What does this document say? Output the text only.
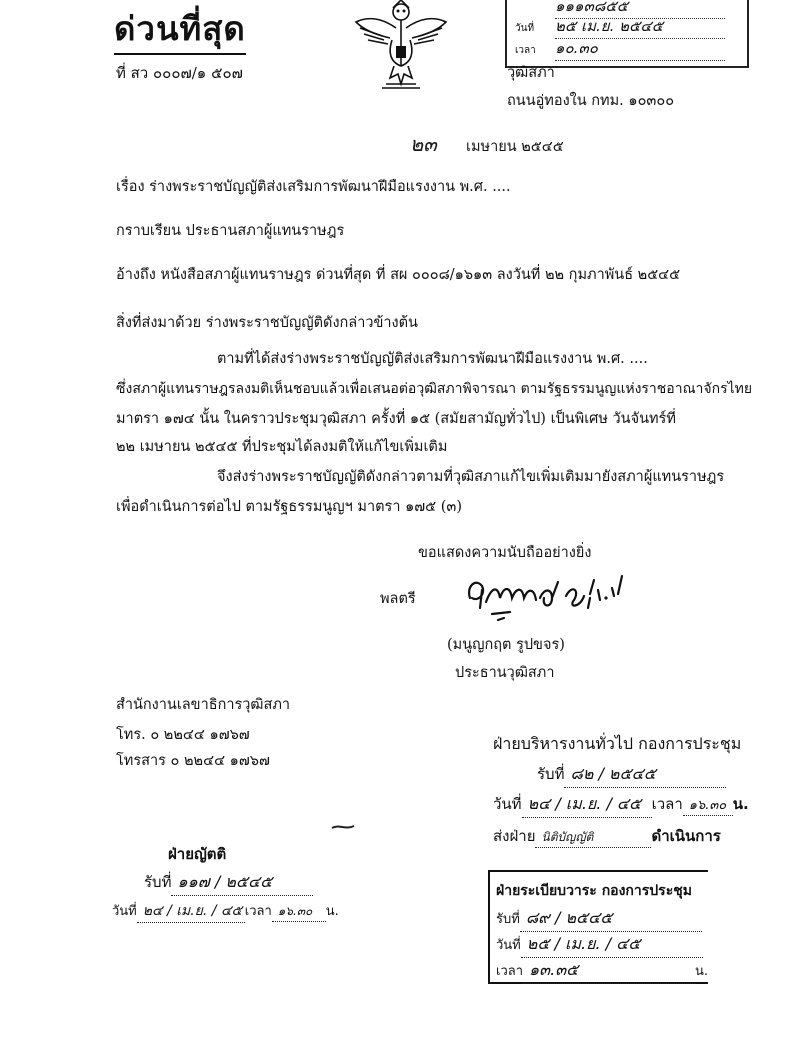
ด่วนที่สุด
ที่ สว ๐๐๐๗/๑ ๕๐๗
๑๑๑๓๘๕๕
วันที่ ๒๕ เม.ย. ๒๕๔๕
เวลา ๑๐.๓๐
วุฒิสภา
ถนนอู่ทองใน กทม. ๑๐๓๐๐
๒๓ เมษายน ๒๕๔๕
เรื่อง ร่างพระราชบัญญัติส่งเสริมการพัฒนาฝีมือแรงงาน พ.ศ. ....
กราบเรียน ประธานสภาผู้แทนราษฎร
อ้างถึง หนังสือสภาผู้แทนราษฎร ด่วนที่สุด ที่ สผ ๐๐๐๘/๑๖๑๓ ลงวันที่ ๒๒ กุมภาพันธ์ ๒๕๔๕
สิ่งที่ส่งมาด้วย ร่างพระราชบัญญัติดังกล่าวข้างต้น
ตามที่ได้ส่งร่างพระราชบัญญัติส่งเสริมการพัฒนาฝีมือแรงงาน พ.ศ. ....
ซึ่งสภาผู้แทนราษฎรลงมติเห็นชอบแล้วเพื่อเสนอต่อวุฒิสภาพิจารณา ตามรัฐธรรมนูญแห่งราชอาณาจักรไทย
มาตรา ๑๗๔ นั้น ในคราวประชุมวุฒิสภา ครั้งที่ ๑๕ (สมัยสามัญทั่วไป) เป็นพิเศษ วันจันทร์ที่
๒๒ เมษายน ๒๕๔๕ ที่ประชุมได้ลงมติให้แก้ไขเพิ่มเติม
จึงส่งร่างพระราชบัญญัติดังกล่าวตามที่วุฒิสภาแก้ไขเพิ่มเติมมายังสภาผู้แทนราษฎร
เพื่อดำเนินการต่อไป ตามรัฐธรรมนูญฯ มาตรา ๑๗๕ (๓)
ขอแสดงความนับถืออย่างยิ่ง
พลตรี
(มนูญกฤต รูปขจร)
ประธานวุฒิสภา
สำนักงานเลขาธิการวุฒิสภา
โทร. ๐ ๒๒๔๔ ๑๗๖๗
โทรสาร ๐ ๒๒๔๔ ๑๗๖๗
ฝ่ายบริหารงานทั่วไป กองการประชุม
รับที่ ๘๒ / ๒๕๔๕
วันที่ ๒๔ / เม.ย. / ๔๕ เวลา ๑๖.๓๐ น.
ส่งฝ่าย นิติบัญญัติ	ดำเนินการ
ฝ่ายญัตติ
รับที่ ๑๑๗ / ๒๕๔๕
วันที่ ๒๔ / เม.ย. / ๔๕ เวลา ๑๖.๓๐ น.
ฝ่ายระเบียบวาระ กองการประชุม
รับที่ ๘๙ / ๒๕๔๕
วันที่ ๒๕ / เม.ย. / ๔๕
เวลา ๑๓.๓๕	น.
